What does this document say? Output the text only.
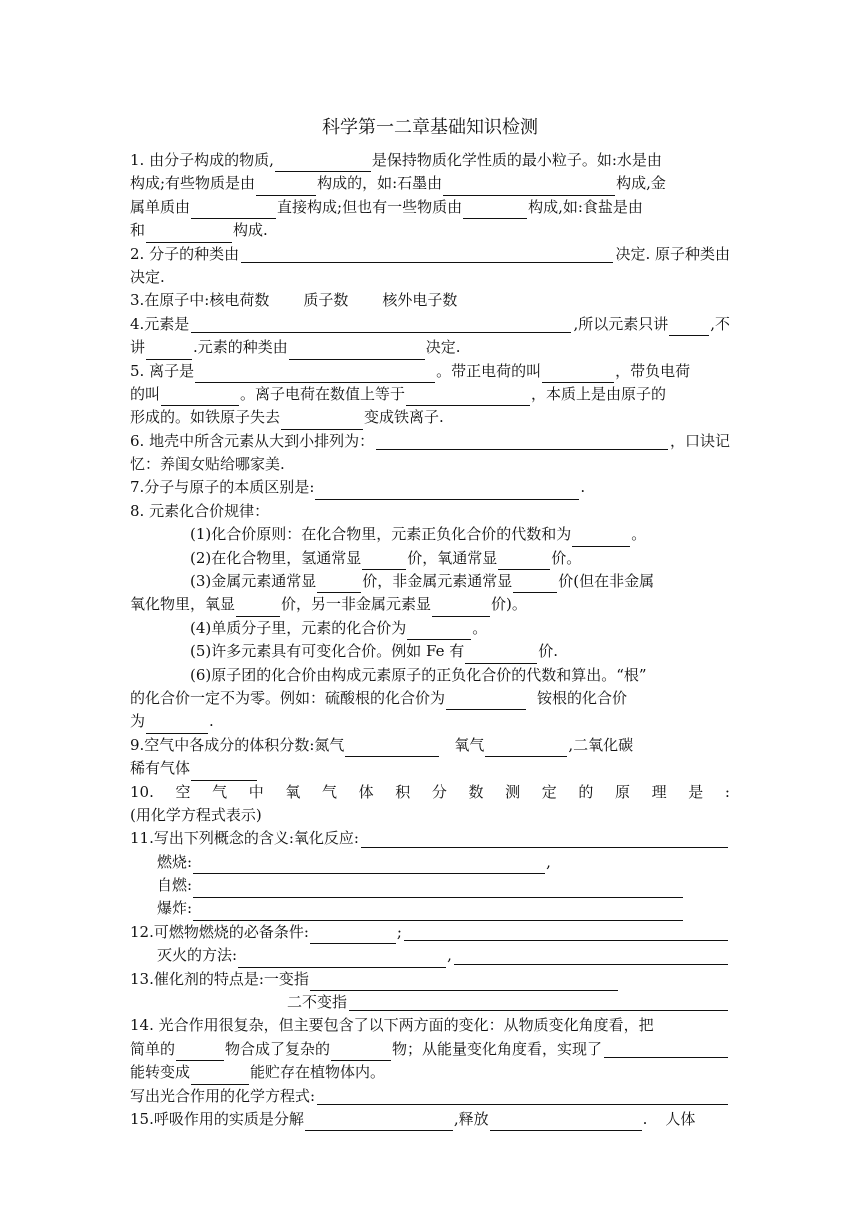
科学第一二章基础知识检测
1. 由分子构成的物质,	是保持物质化学性质的最小粒子。如:水是由
构成;有些物质是由	构成的，如:石墨由	构成,金
属单质由	直接构成;但也有一些物质由	构成,如:食盐是由
和	构成.
2. 分子的种类由	决定. 原子种类由
决定.
3.在原子中:核电荷数 质子数 核外电子数
4.元素是	,所以元素只讲	,不
讲	.元素的种类由	决定.
5. 离子是	。带正电荷的叫	，带负电荷
的叫	。离子电荷在数值上等于	，本质上是由原子的
形成的。如铁原子失去	变成铁离子.
6. 地壳中所含元素从大到小排列为：	，口诀记
忆：养闺女贴给哪家美.
7.分子与原子的本质区别是:	.
8. 元素化合价规律：
(1)化合价原则：在化合物里，元素正负化合价的代数和为	。
(2)在化合物里，氢通常显	价，氧通常显	价。
(3)金属元素通常显	价，非金属元素通常显	价(但在非金属
氧化物里，氧显	价，另一非金属元素显	价)。
(4)单质分子里，元素的化合价为	。
(5)许多元素具有可变化合价。例如 Fe 有	价.
(6)原子团的化合价由构成元素原子的正负化合价的代数和算出。“根”
的化合价一定不为零。例如：硫酸根的化合价为	铵根的化合价
为	.
9.空气中各成分的体积分数:氮气	氧气	,二氧化碳
稀有气体
10. 空 气 中 氧 气 体 积 分 数 测 定 的 原 理 是 :
(用化学方程式表示)
11.写出下列概念的含义:氧化反应:
燃烧:	,
自燃:
爆炸:
12.可燃物燃烧的必备条件:	;
灭火的方法:	,
13.催化剂的特点是:一变指
二不变指
14. 光合作用很复杂，但主要包含了以下两方面的变化：从物质变化角度看，把
简单的	物合成了复杂的	物；从能量变化角度看，实现了
能转变成	能贮存在植物体内。
写出光合作用的化学方程式:
15.呼吸作用的实质是分解	,释放	. 人体
